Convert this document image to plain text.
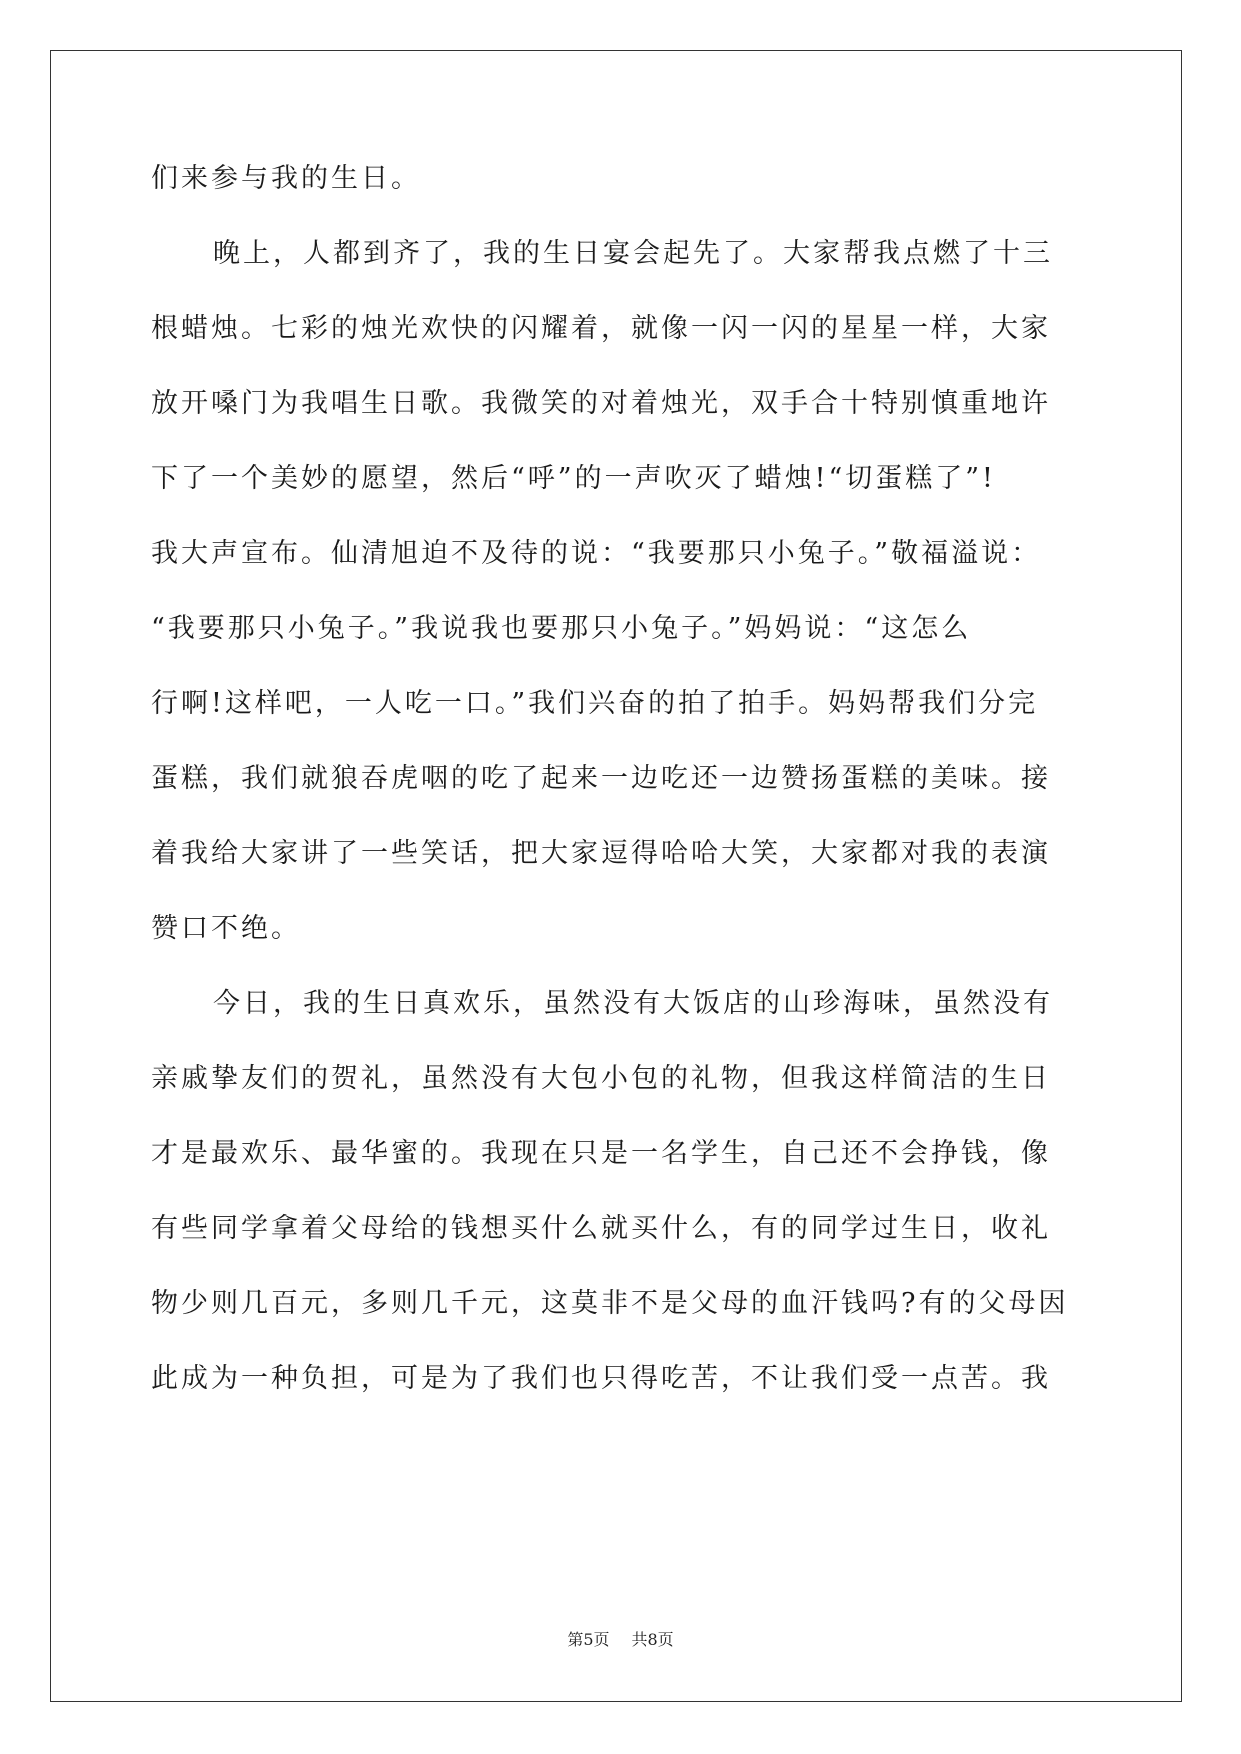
们来参与我的生日。
晚上，人都到齐了，我的生日宴会起先了。大家帮我点燃了十三
根蜡烛。七彩的烛光欢快的闪耀着，就像一闪一闪的星星一样，大家
放开嗓门为我唱生日歌。我微笑的对着烛光，双手合十特别慎重地许
下了一个美妙的愿望，然后“呼”的一声吹灭了蜡烛!“切蛋糕了”!
我大声宣布。仙清旭迫不及待的说：“我要那只小兔子。”敬福溢说：
“我要那只小兔子。”我说我也要那只小兔子。”妈妈说：“这怎么
行啊!这样吧，一人吃一口。”我们兴奋的拍了拍手。妈妈帮我们分完
蛋糕，我们就狼吞虎咽的吃了起来一边吃还一边赞扬蛋糕的美味。接
着我给大家讲了一些笑话，把大家逗得哈哈大笑，大家都对我的表演
赞口不绝。
今日，我的生日真欢乐，虽然没有大饭店的山珍海味，虽然没有
亲戚挚友们的贺礼，虽然没有大包小包的礼物，但我这样简洁的生日
才是最欢乐、最华蜜的。我现在只是一名学生，自己还不会挣钱，像
有些同学拿着父母给的钱想买什么就买什么，有的同学过生日，收礼
物少则几百元，多则几千元，这莫非不是父母的血汗钱吗?有的父母因
此成为一种负担，可是为了我们也只得吃苦，不让我们受一点苦。我
第5页 共8页
